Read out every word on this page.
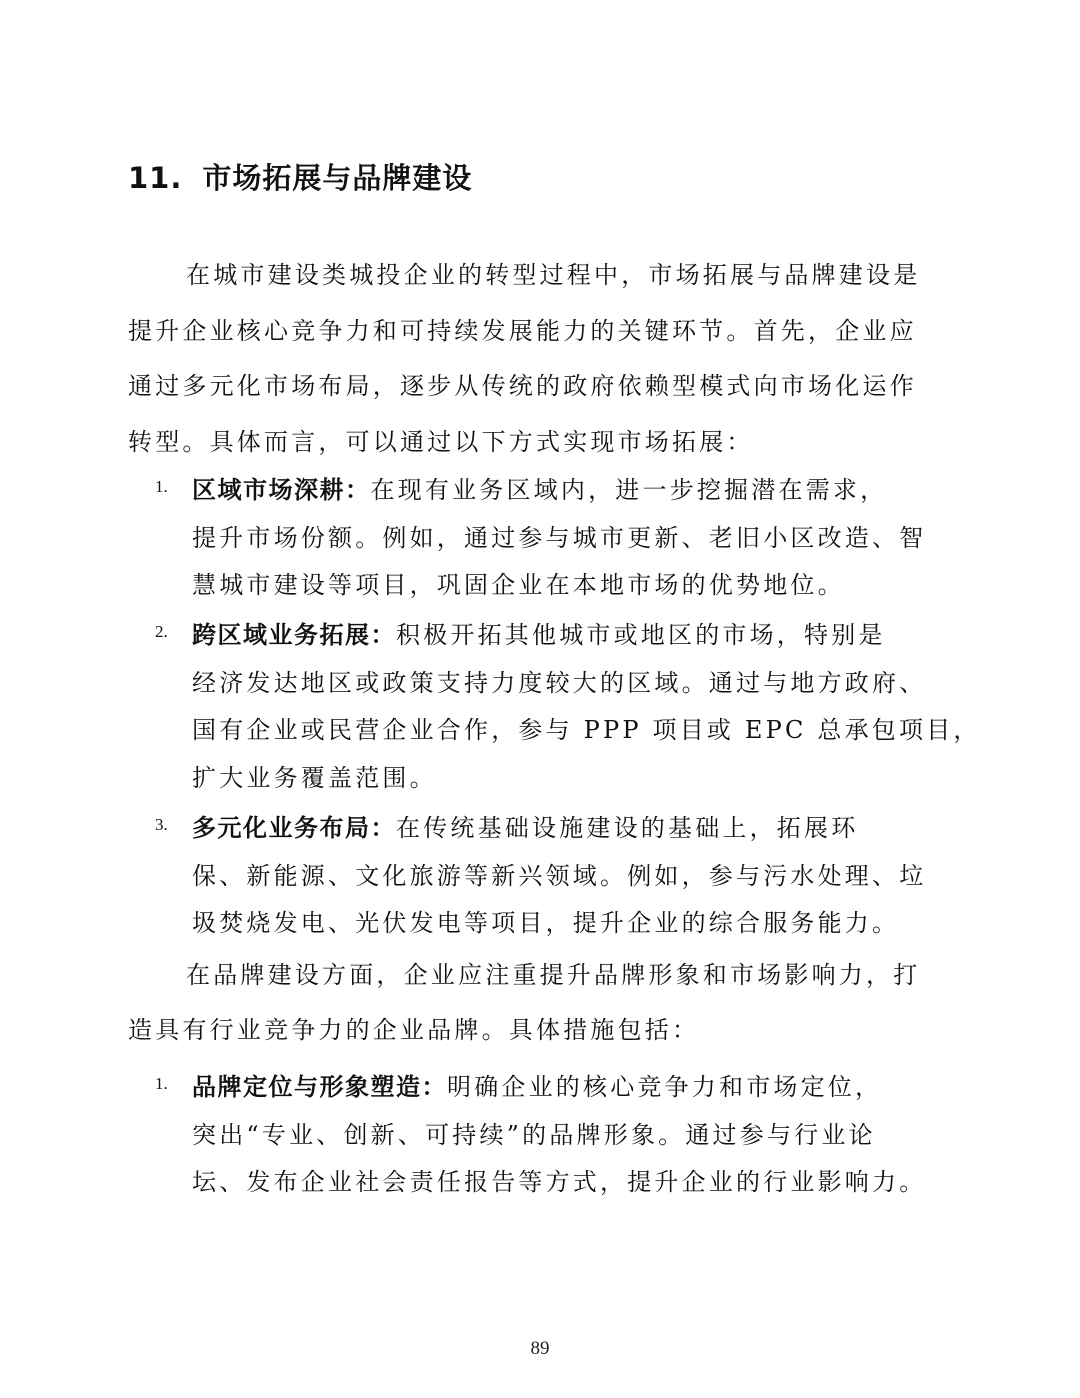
11. 市场拓展与品牌建设

在城市建设类城投企业的转型过程中，市场拓展与品牌建设是
提升企业核心竞争力和可持续发展能力的关键环节。首先，企业应
通过多元化市场布局，逐步从传统的政府依赖型模式向市场化运作
转型。具体而言，可以通过以下方式实现市场拓展：

1. 区域市场深耕：在现有业务区域内，进一步挖掘潜在需求，
提升市场份额。例如，通过参与城市更新、老旧小区改造、智
慧城市建设等项目，巩固企业在本地市场的优势地位。
2. 跨区域业务拓展：积极开拓其他城市或地区的市场，特别是
经济发达地区或政策支持力度较大的区域。通过与地方政府、
国有企业或民营企业合作，参与 PPP 项目或 EPC 总承包项目，
扩大业务覆盖范围。
3. 多元化业务布局：在传统基础设施建设的基础上，拓展环
保、新能源、文化旅游等新兴领域。例如，参与污水处理、垃
圾焚烧发电、光伏发电等项目，提升企业的综合服务能力。

在品牌建设方面，企业应注重提升品牌形象和市场影响力，打
造具有行业竞争力的企业品牌。具体措施包括：

1. 品牌定位与形象塑造：明确企业的核心竞争力和市场定位，
突出“专业、创新、可持续”的品牌形象。通过参与行业论
坛、发布企业社会责任报告等方式，提升企业的行业影响力。
89
